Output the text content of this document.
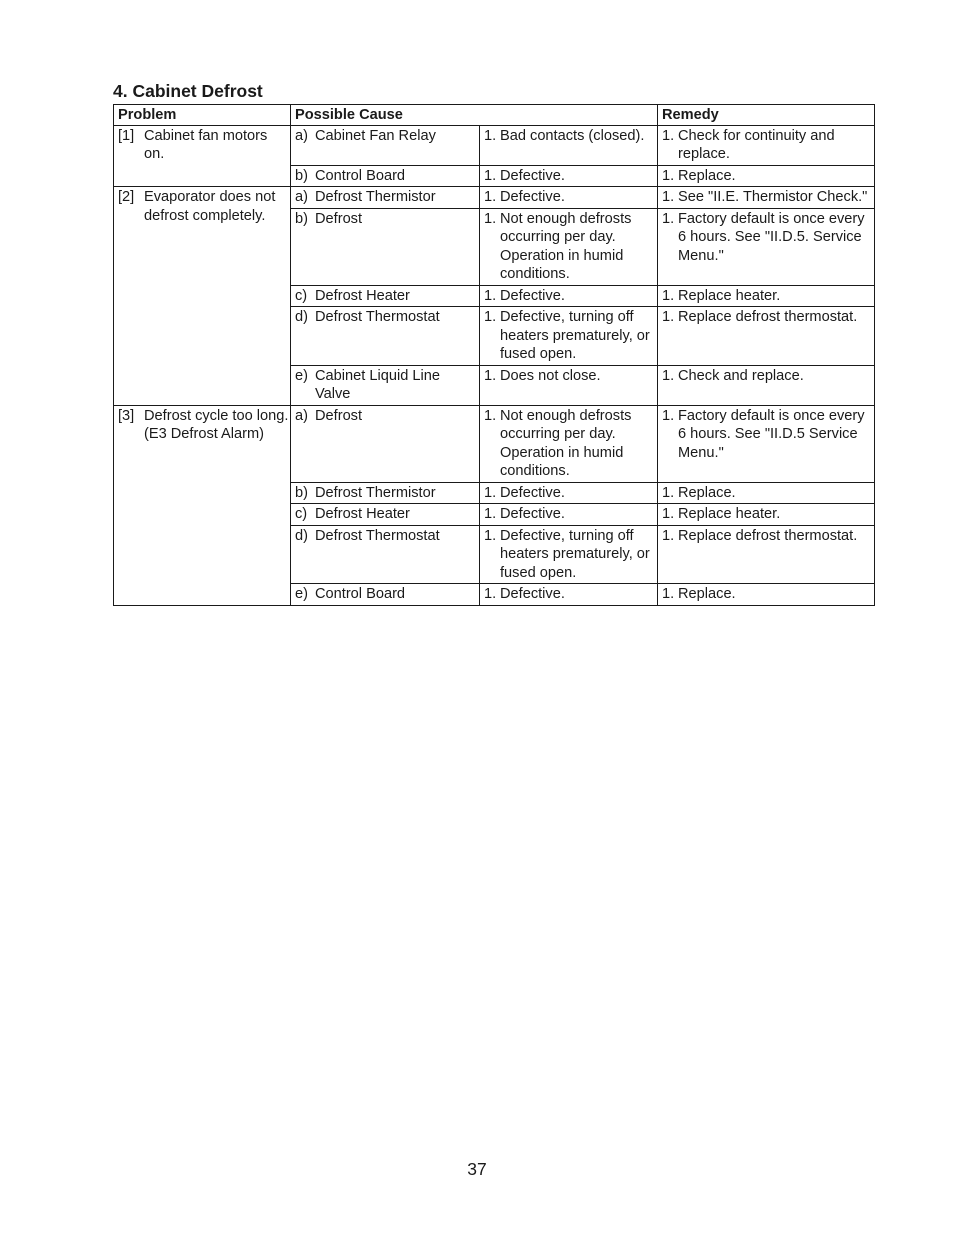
4. Cabinet Defrost
Problem	Possible Cause		Remedy

[1] Cabinet fan motors on.	a) Cabinet Fan Relay	1. Bad contacts (closed).	1. Check for continuity and replace.

	b) Control Board	1. Defective.	1. Replace.

[2] Evaporator does not defrost completely.	a) Defrost Thermistor	1. Defective.	1. See "II.E. Thermistor Check."

	b) Defrost	1. Not enough defrosts occurring per day. Operation in humid conditions.	1. Factory default is once every 6 hours. See "II.D.5. Service Menu."

	c) Defrost Heater	1. Defective.	1. Replace heater.

	d) Defrost Thermostat	1. Defective, turning off heaters prematurely, or fused open.	1. Replace defrost thermostat.

	e) Cabinet Liquid Line Valve	1. Does not close.	1. Check and replace.

[3] Defrost cycle too long. (E3 Defrost Alarm)	a) Defrost	1. Not enough defrosts occurring per day. Operation in humid conditions.	1. Factory default is once every 6 hours. See "II.D.5 Service Menu."

	b) Defrost Thermistor	1. Defective.	1. Replace.

	c) Defrost Heater	1. Defective.	1. Replace heater.

	d) Defrost Thermostat	1. Defective, turning off heaters prematurely, or fused open.	1. Replace defrost thermostat.

	e) Control Board	1. Defective.	1. Replace.
37
